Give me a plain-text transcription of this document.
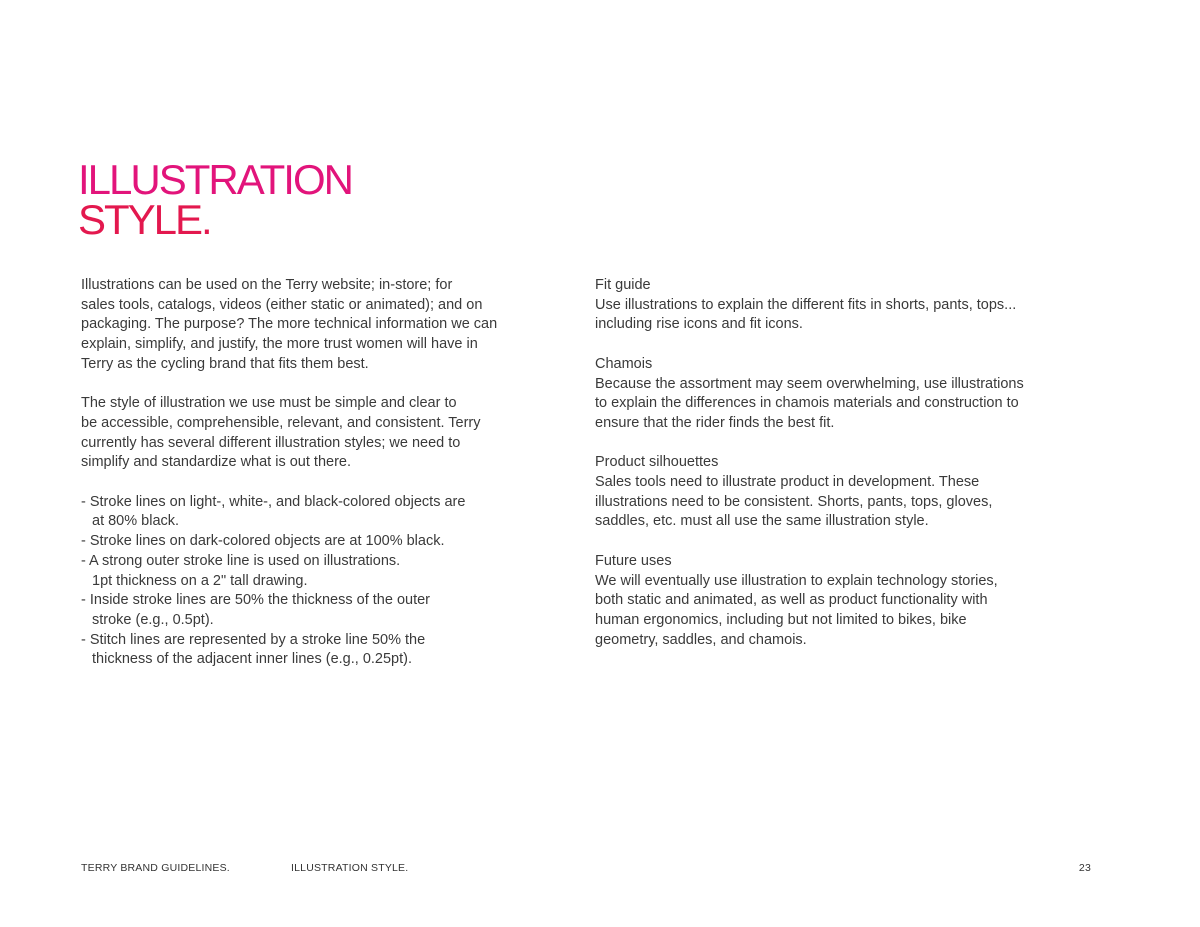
ILLUSTRATION
STYLE.

Illustrations can be used on the Terry website; in-store; for
sales tools, catalogs, videos (either static or animated); and on
packaging. The purpose? The more technical information we can
explain, simplify, and justify, the more trust women will have in
Terry as the cycling brand that fits them best.

The style of illustration we use must be simple and clear to
be accessible, comprehensible, relevant, and consistent. Terry
currently has several different illustration styles; we need to
simplify and standardize what is out there.

- Stroke lines on light-, white-, and black-colored objects are
at 80% black.
- Stroke lines on dark-colored objects are at 100% black.
- A strong outer stroke line is used on illustrations.
1pt thickness on a 2" tall drawing.
- Inside stroke lines are 50% the thickness of the outer
stroke (e.g., 0.5pt).
- Stitch lines are represented by a stroke line 50% the
thickness of the adjacent inner lines (e.g., 0.25pt).
Fit guide
Use illustrations to explain the different fits in shorts, pants, tops...
including rise icons and fit icons.
Chamois
Because the assortment may seem overwhelming, use illustrations
to explain the differences in chamois materials and construction to
ensure that the rider finds the best fit.
Product silhouettes
Sales tools need to illustrate product in development. These
illustrations need to be consistent. Shorts, pants, tops, gloves,
saddles, etc. must all use the same illustration style.
Future uses
We will eventually use illustration to explain technology stories,
both static and animated, as well as product functionality with
human ergonomics, including but not limited to bikes, bike
geometry, saddles, and chamois.
TERRY BRAND GUIDELINES.	ILLUSTRATION STYLE.	23
